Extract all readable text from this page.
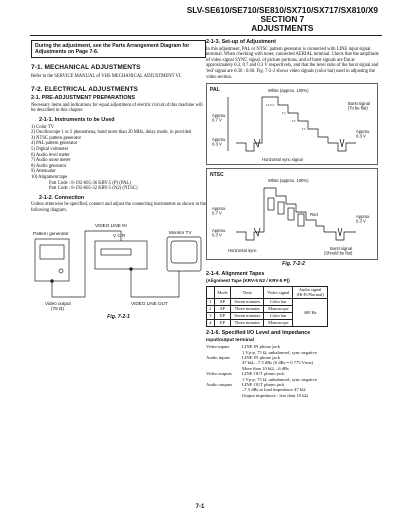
SLV-SE610/SE710/SE810/SX710/SX717/SX810/X9
SECTION 7
ADJUSTMENTS
During the adjustment, see the Parts Arrangement Diagram for Adjustments on Page 7-6.
7-1. MECHANICAL ADJUSTMENTS

Refer to the SERVICE MANUAL of VHS MECHANICAL ADJUSTMENT VI.

7-2. ELECTRICAL ADJUSTMENTS
2-1. PRE-ADJUSTMENT PREPARATIONS

Necessary items and indications for equal adjustment of electric circuit of this machine will be described in this chapter.

2-1-1. Instruments to be Used
1) Color TV
2) Oscilloscope 1 or 2 phenomena, band more than 30 MHz, delay mode, in provided
3) NTSC pattern generator
4) PAL pattern generator
5) Digital voltmeter
6) Audio level meter
7) Audio noise meter
8) Audio generator
9) Attenuator
10) Alignment tape
Part Code : 8-192-605-36 KRV-5 (P) (PAL)
Part Code : 8-192-605-32 KRV-5 (N2) (NTSC)
2-1-2. Connection

Unless otherwise be specified, connect and adjust the connecting instruments as shown in the following diagram.

VIDEO LINE IN
Pattern generator	V C R
Monitor TV
Video output (75 Ω)
VIDEO LINE OUT
Fig. 7-2-1
2-1-3. Set-up of Adjustment

In this adjustment, PAL or NTSC pattern generator is connected with LINE input signal terminal. When checking with tuner, connected AERIAL terminal. Check that the amplitude of video signal SYNC signal, of picture portions, and of burst signals are flat at approximately 0.3, 0.7 and 0.3 V respectively, and that the level ratio of the burst signal and 'red' signal are 0.30 : 0.66. Fig. 7-2-2 shows video signals (color bar) used in adjusting the video section.

PAL	White (approx. 100%)
Burst signal (To be flat)
Approx. 0.7 V
Approx. 0.3 V
Approx. 0.3 V
Horizontal sync signal
NTSC
White (approx. 100%)
Red
Approx. 0.7 V
Approx. 0.3 V
Approx. 0.3 V
Horizontal sync	Burst signal (Should be flat)
Fig. 7-2-2
2-1-4. Alignment Tapes
(Alignment Tape (KRV-5 N2 / KRV-5 P))
	Mode	Time	Video signal	Audio signal
(Hi-Fi/Normal)
1	SP	Seven minutes	Color bar	400 Hz
2	SP	Three minutes	Monoscope	
3	EP	Seven minutes	Color bar	
4	EP	Three minutes	Monoscope	
2-1-6. Specified I/O Level and Impedance
Input/output terminal
Video inputs	LINE IN phono jack
1 Vp-p, 75 Ω, unbalanced, sync negative
Audio inputs	LINE IN phono jack
47 kΩ, –7.5 dBs (0 dBs = 0.775 Vrms)
More than 10 kΩ, –6 dBs
Video outputs	LINE OUT phono jack
1 Vp-p, 75 Ω, unbalanced, sync negative
Audio outputs	LINE OUT phono jack
–7.5 dBs at load impedance 47 kΩ
Output impedance : less than 10 kΩ
7-1
